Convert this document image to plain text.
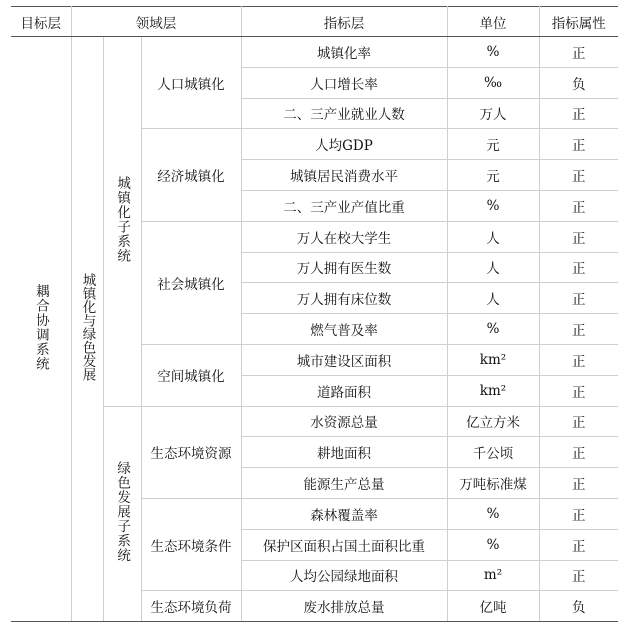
目标层	领域层			指标层	单位	指标属性
耦合协调系统	城镇化与绿色发展	城镇化子系统	人口城镇化	城镇化率	%	正
				人口增长率	‰	负
				二、三产业就业人数	万人	正
			经济城镇化	人均GDP	元	正
				城镇居民消费水平	元	正
				二、三产业产值比重	%	正
			社会城镇化	万人在校大学生	人	正
				万人拥有医生数	人	正
				万人拥有床位数	人	正
				燃气普及率	%	正
			空间城镇化	城市建设区面积	km²	正
				道路面积	km²	正
		绿色发展子系统	生态环境资源	水资源总量	亿立方米	正
				耕地面积	千公顷	正
				能源生产总量	万吨标准煤	正
			生态环境条件	森林覆盖率	%	正
				保护区面积占国土面积比重	%	正
				人均公园绿地面积	m²	正
			生态环境负荷	废水排放总量	亿吨	负
